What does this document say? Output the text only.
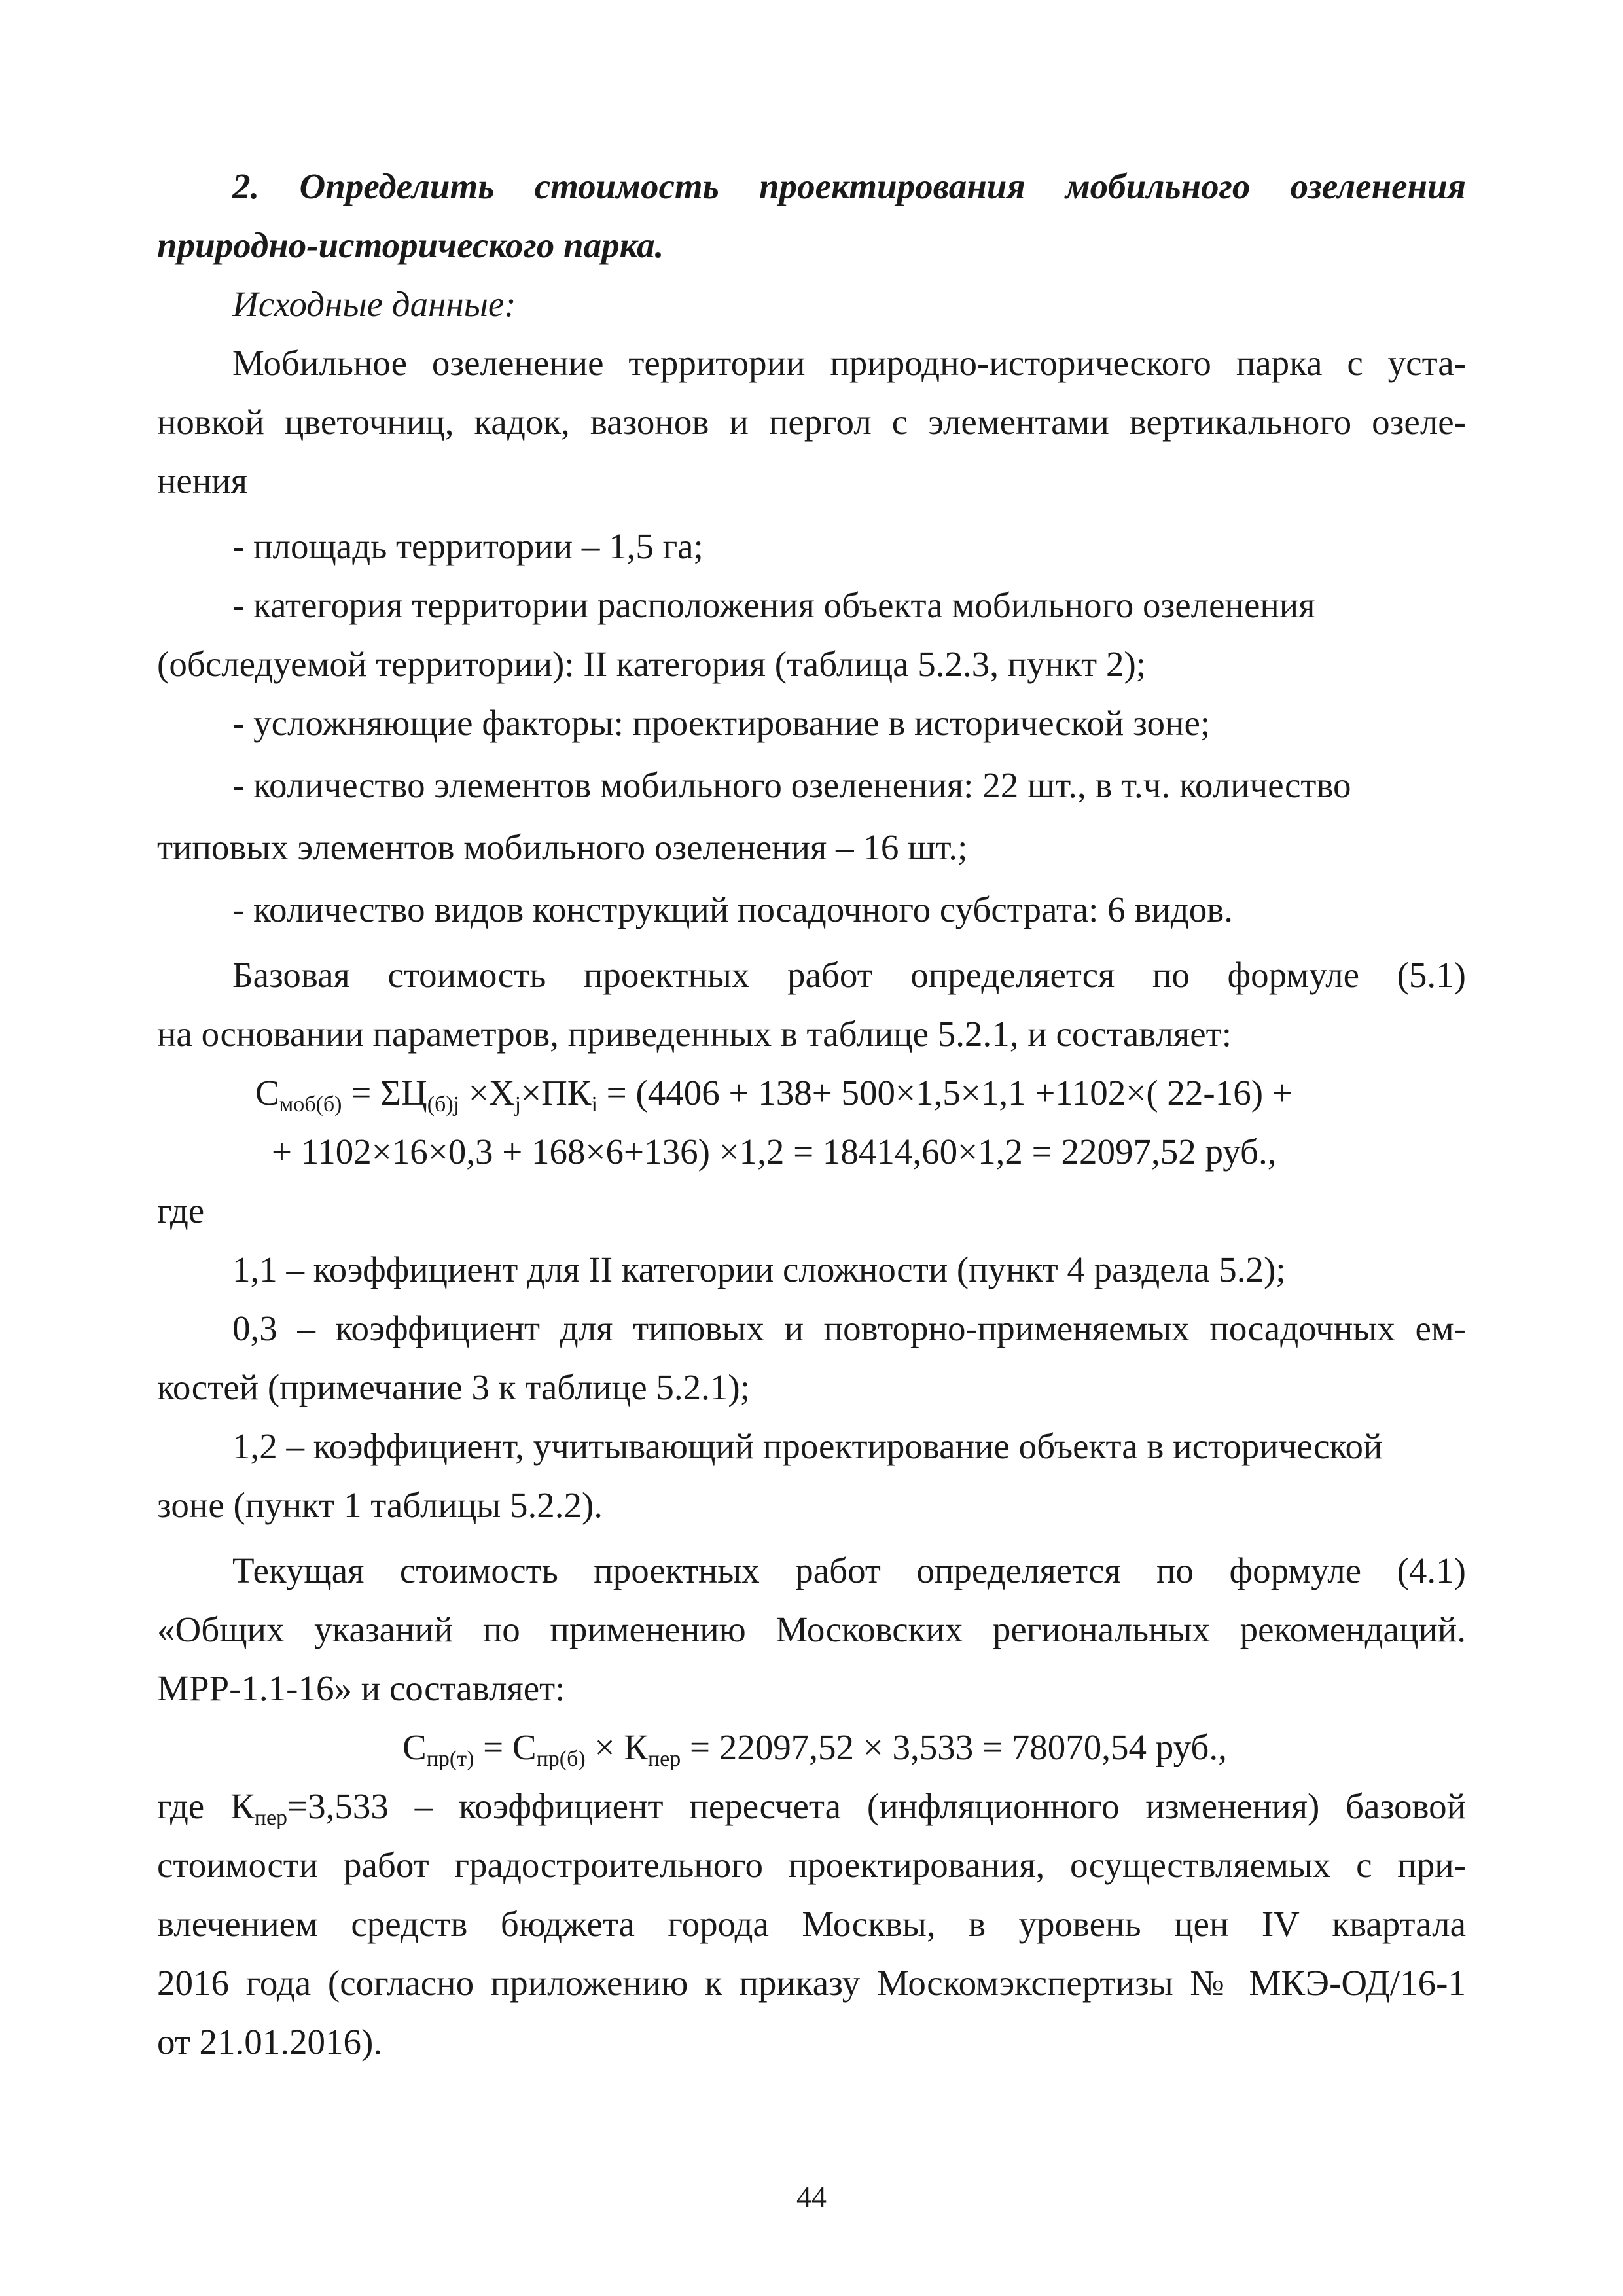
2. Определить стоимость проектирования мобильного озеленения
природно-исторического парка.
Исходные данные:
Мобильное озеленение территории природно-исторического парка с уста-
новкой цветочниц, кадок, вазонов и пергол с элементами вертикального озеле-
нения
- площадь территории – 1,5 га;
- категория территории расположения объекта мобильного озеленения
(обследуемой территории): II категория (таблица 5.2.3, пункт 2);
- усложняющие факторы: проектирование в исторической зоне;
- количество элементов мобильного озеленения: 22 шт., в т.ч. количество
типовых элементов мобильного озеленения – 16 шт.;
- количество видов конструкций посадочного субстрата: 6 видов.
Базовая стоимость проектных работ определяется по формуле (5.1)
на основании параметров, приведенных в таблице 5.2.1, и составляет:
$С_{моб(б)} = \Sigma Ц_{(б)j} \times Х_j\times ПК_i = (4406 + 138+ 500\times 1,5\times 1,1 +1102\times$( 22-16) +
+ 1102×16×0,3 + 168×6+136) ×1,2 = 18414,60×1,2 = 22097,52 руб.,
где
1,1 – коэффициент для II категории сложности (пункт 4 раздела 5.2);
0,3 – коэффициент для типовых и повторно-применяемых посадочных ем-
костей (примечание 3 к таблице 5.2.1);
1,2 – коэффициент, учитывающий проектирование объекта в исторической
зоне (пункт 1 таблицы 5.2.2).
Текущая стоимость проектных работ определяется по формуле (4.1)
«Общих указаний по применению Московских региональных рекомендаций.
МРР-1.1-16» и составляет:
$С_{пр(т)} = С_{пр(б)} \times К_{пер} = 22097,52 \times 3,533 = 78070,54$ руб.,
где $К_{пер}=3,533$ – коэффициент пересчета (инфляционного изменения) базовой
стоимости работ градостроительного проектирования, осуществляемых с при-
влечением средств бюджета города Москвы, в уровень цен IV квартала
2016 года (согласно приложению к приказу Москомэкспертизы № МКЭ-ОД/16-1
от 21.01.2016).
44
